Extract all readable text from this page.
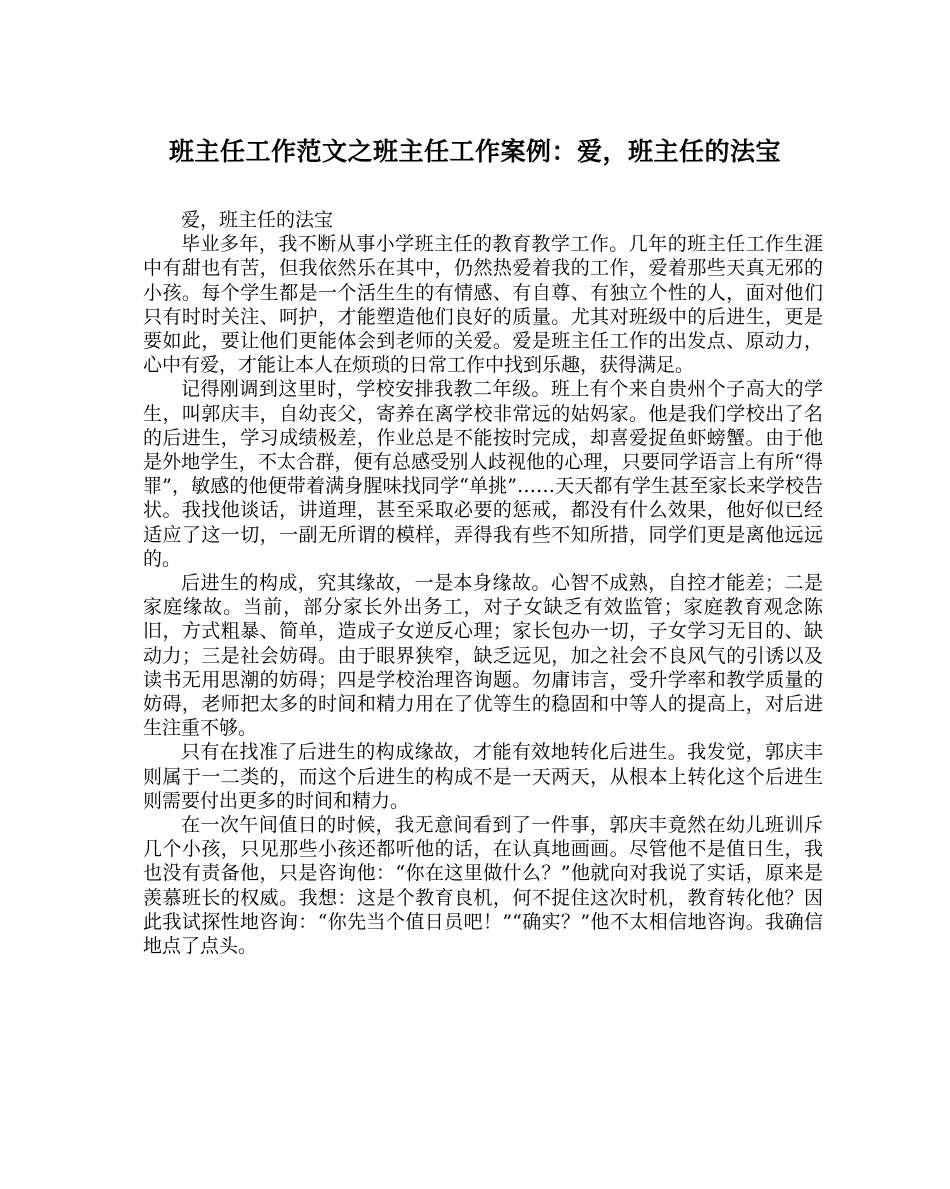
班主任工作范文之班主任工作案例：爱，班主任的法宝

爱，班主任的法宝

毕业多年，我不断从事小学班主任的教育教学工作。几年的班主任工作生涯中有甜也有苦，但我依然乐在其中，仍然热爱着我的工作，爱着那些天真无邪的小孩。每个学生都是一个活生生的有情感、有自尊、有独立个性的人，面对他们只有时时关注、呵护，才能塑造他们良好的质量。尤其对班级中的后进生，更是要如此，要让他们更能体会到老师的关爱。爱是班主任工作的出发点、原动力，心中有爱，才能让本人在烦琐的日常工作中找到乐趣，获得满足。

记得刚调到这里时，学校安排我教二年级。班上有个来自贵州个子高大的学生，叫郭庆丰，自幼丧父，寄养在离学校非常远的姑妈家。他是我们学校出了名的后进生，学习成绩极差，作业总是不能按时完成，却喜爱捉鱼虾螃蟹。由于他是外地学生，不太合群，便有总感受别人歧视他的心理，只要同学语言上有所“得罪”，敏感的他便带着满身腥味找同学“单挑”……天天都有学生甚至家长来学校告状。我找他谈话，讲道理，甚至采取必要的惩戒，都没有什么效果，他好似已经适应了这一切，一副无所谓的模样，弄得我有些不知所措，同学们更是离他远远的。

后进生的构成，究其缘故，一是本身缘故。心智不成熟，自控才能差；二是家庭缘故。当前，部分家长外出务工，对子女缺乏有效监管；家庭教育观念陈旧，方式粗暴、简单，造成子女逆反心理；家长包办一切，子女学习无目的、缺动力；三是社会妨碍。由于眼界狭窄，缺乏远见，加之社会不良风气的引诱以及读书无用思潮的妨碍；四是学校治理咨询题。勿庸讳言，受升学率和教学质量的妨碍，老师把太多的时间和精力用在了优等生的稳固和中等人的提高上，对后进生注重不够。

只有在找准了后进生的构成缘故，才能有效地转化后进生。我发觉，郭庆丰则属于一二类的，而这个后进生的构成不是一天两天，从根本上转化这个后进生则需要付出更多的时间和精力。

在一次午间值日的时候，我无意间看到了一件事，郭庆丰竟然在幼儿班训斥几个小孩，只见那些小孩还都听他的话，在认真地画画。尽管他不是值日生，我也没有责备他，只是咨询他：“你在这里做什么？”他就向对我说了实话，原来是羡慕班长的权威。我想：这是个教育良机，何不捉住这次时机，教育转化他？因此我试探性地咨询：“你先当个值日员吧！”“确实？”他不太相信地咨询。我确信地点了点头。
